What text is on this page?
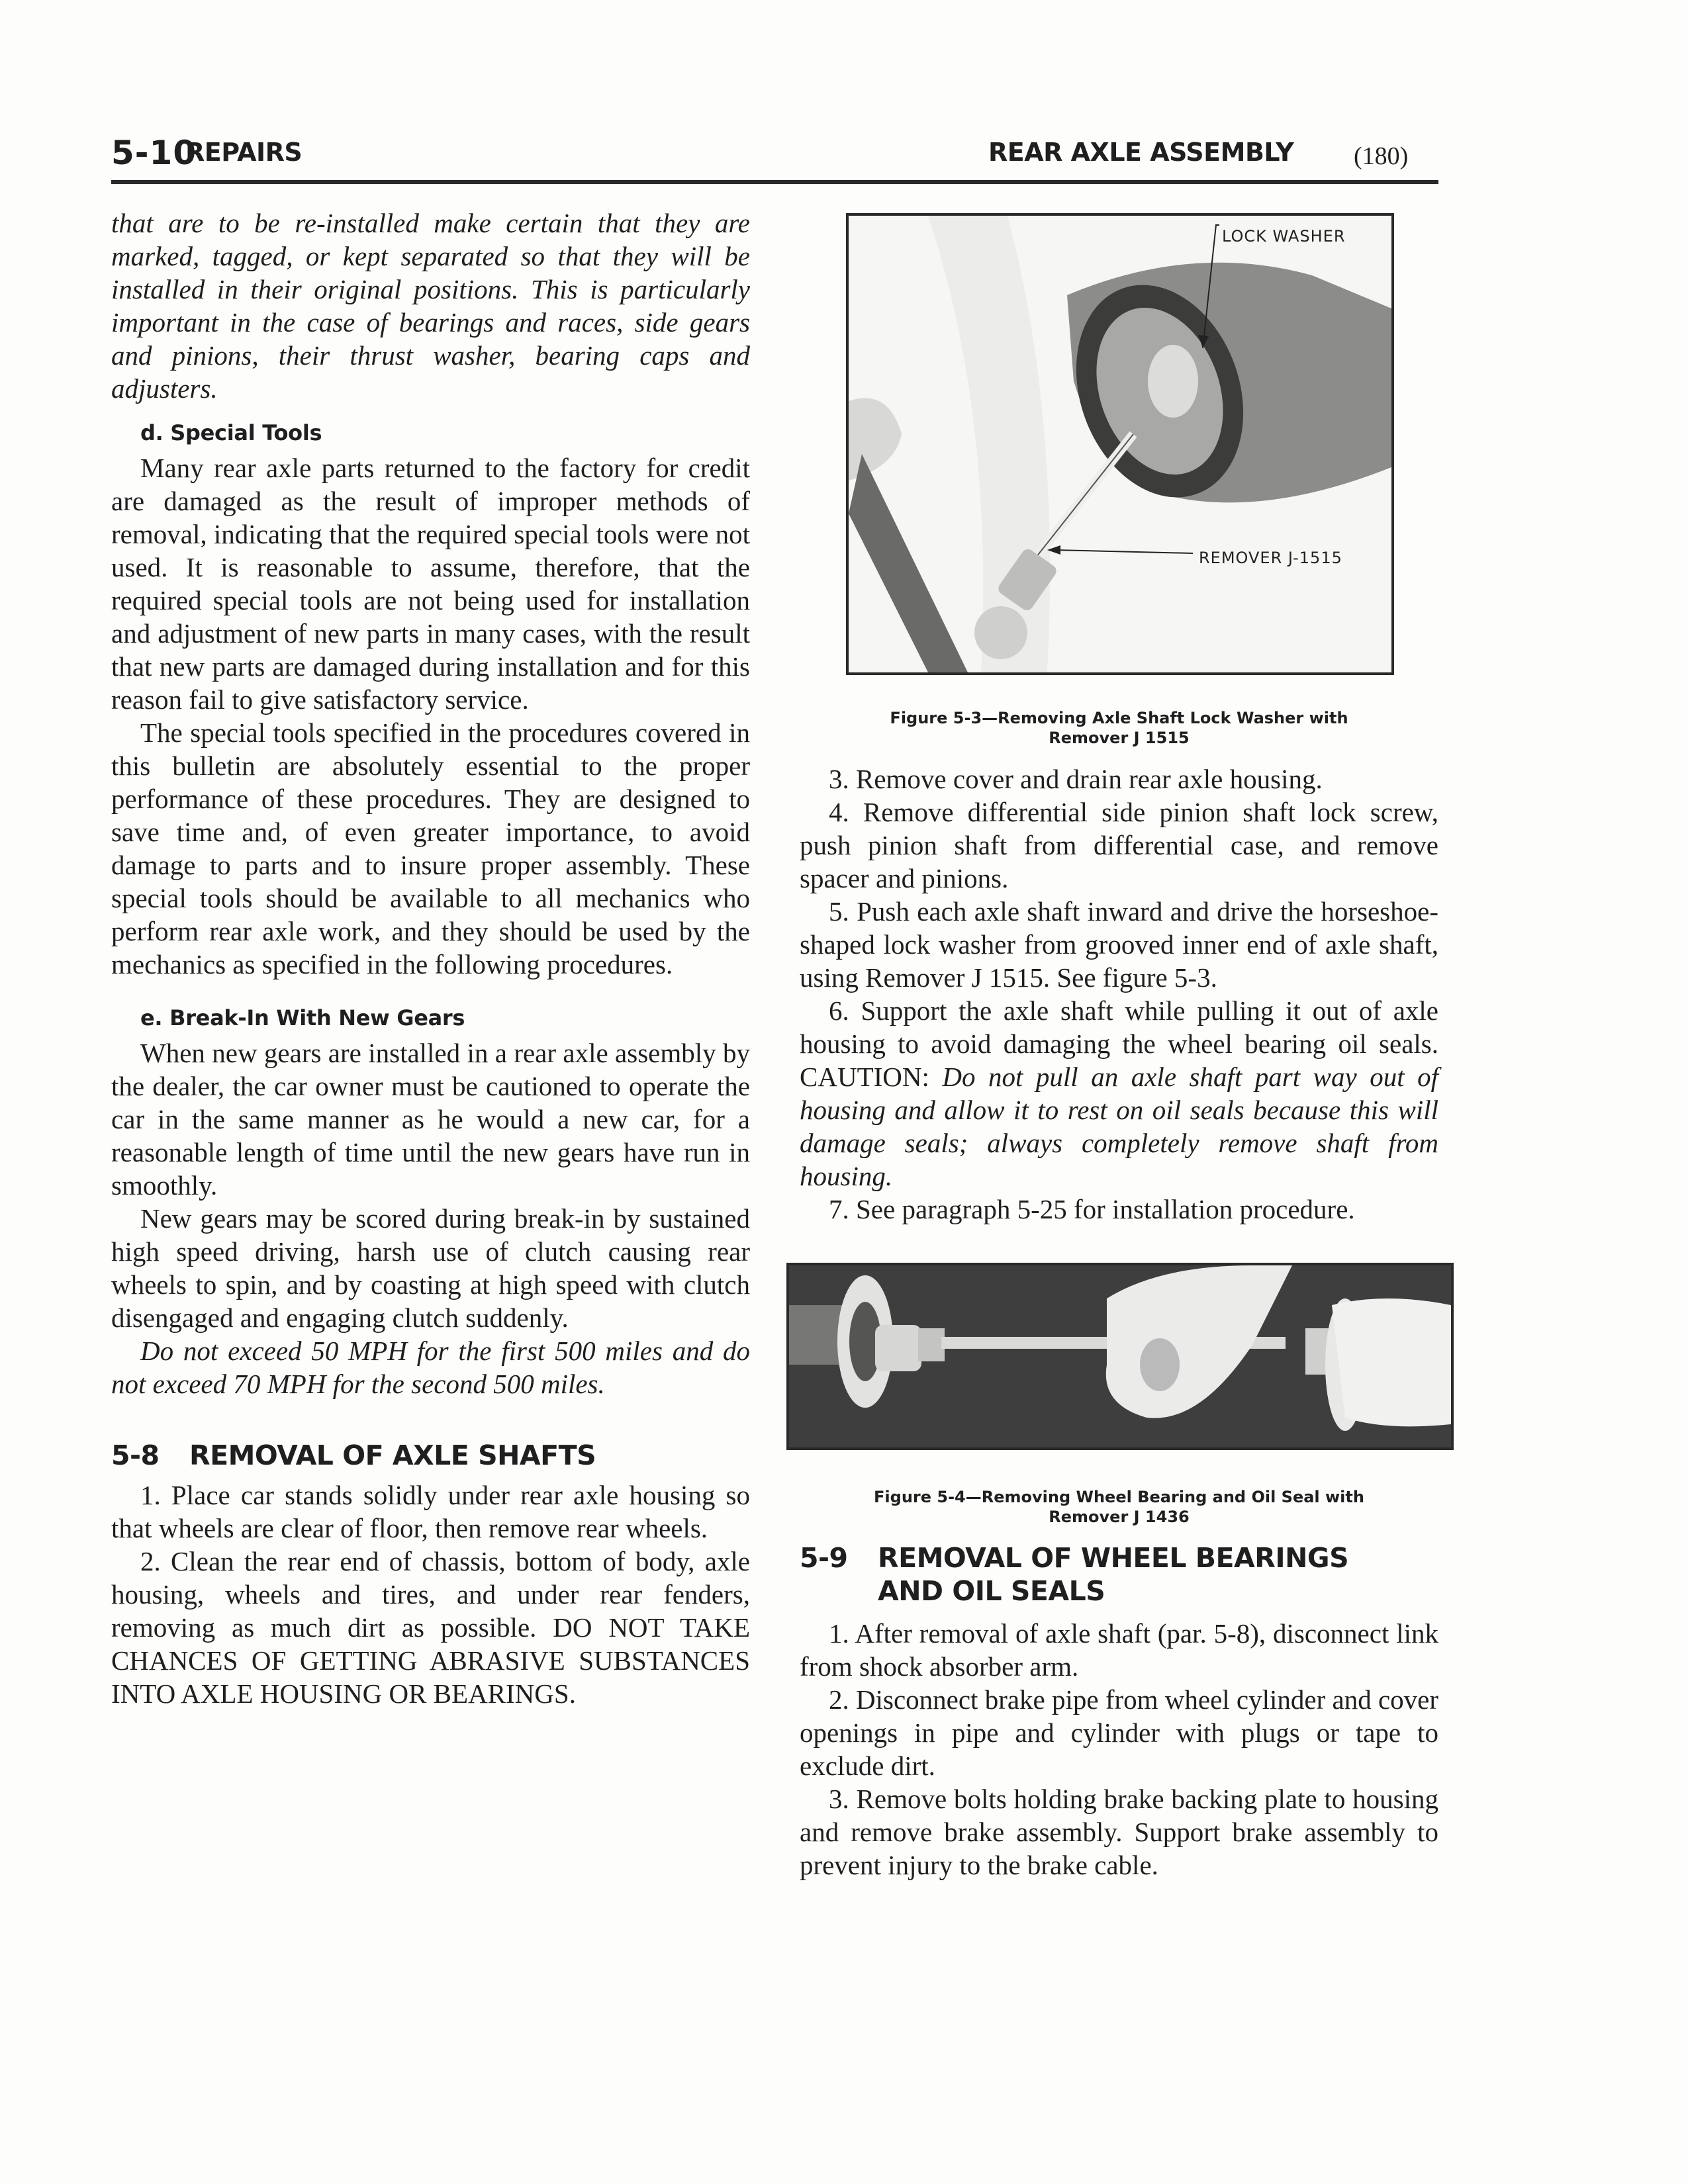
5-10
REPAIRS	REAR AXLE ASSEMBLY (180)

that are to be re-installed make certain that they are marked, tagged, or kept separated so that they will be installed in their original positions. This is particularly important in the case of bearings and races, side gears and pinions, their thrust washer, bearing caps and adjusters.

d. Special Tools

Many rear axle parts returned to the factory for credit are damaged as the result of improper methods of removal, indicating that the required special tools were not used. It is reasonable to assume, therefore, that the required special tools are not being used for installation and adjustment of new parts in many cases, with the result that new parts are damaged during installation and for this reason fail to give satisfactory service.

The special tools specified in the procedures covered in this bulletin are absolutely essential to the proper performance of these procedures. They are designed to save time and, of even greater importance, to avoid damage to parts and to insure proper assembly. These special tools should be available to all mechanics who perform rear axle work, and they should be used by the mechanics as specified in the following procedures.

e. Break-In With New Gears

When new gears are installed in a rear axle assembly by the dealer, the car owner must be cautioned to operate the car in the same manner as he would a new car, for a reasonable length of time until the new gears have run in smoothly.

New gears may be scored during break-in by sustained high speed driving, harsh use of clutch causing rear wheels to spin, and by coasting at high speed with clutch disengaged and engaging clutch suddenly.

Do not exceed 50 MPH for the first 500 miles and do not exceed 70 MPH for the second 500 miles.

5-8 REMOVAL OF AXLE SHAFTS

1. Place car stands solidly under rear axle housing so that wheels are clear of floor, then remove rear wheels.

2. Clean the rear end of chassis, bottom of body, axle housing, wheels and tires, and under rear fenders, removing as much dirt as possible. DO NOT TAKE CHANCES OF GETTING ABRASIVE SUBSTANCES INTO AXLE HOUSING OR BEARINGS.

LOCK WASHER
REMOVER J-1515
Figure 5-3—Removing Axle Shaft Lock Washer with
Remover J 1515

3. Remove cover and drain rear axle housing.

4. Remove differential side pinion shaft lock screw, push pinion shaft from differential case, and remove spacer and pinions.

5. Push each axle shaft inward and drive the horseshoe-shaped lock washer from grooved inner end of axle shaft, using Remover J 1515. See figure 5-3.

6. Support the axle shaft while pulling it out of axle housing to avoid damaging the wheel bearing oil seals. CAUTION: Do not pull an axle shaft part way out of housing and allow it to rest on oil seals because this will damage seals; always completely remove shaft from housing.

7. See paragraph 5-25 for installation procedure.

Figure 5-4—Removing Wheel Bearing and Oil Seal with
Remover J 1436
5-9 REMOVAL OF WHEEL BEARINGS
AND OIL SEALS

1. After removal of axle shaft (par. 5-8), disconnect link from shock absorber arm.

2. Disconnect brake pipe from wheel cylinder and cover openings in pipe and cylinder with plugs or tape to exclude dirt.

3. Remove bolts holding brake backing plate to housing and remove brake assembly. Support brake assembly to prevent injury to the brake cable.
